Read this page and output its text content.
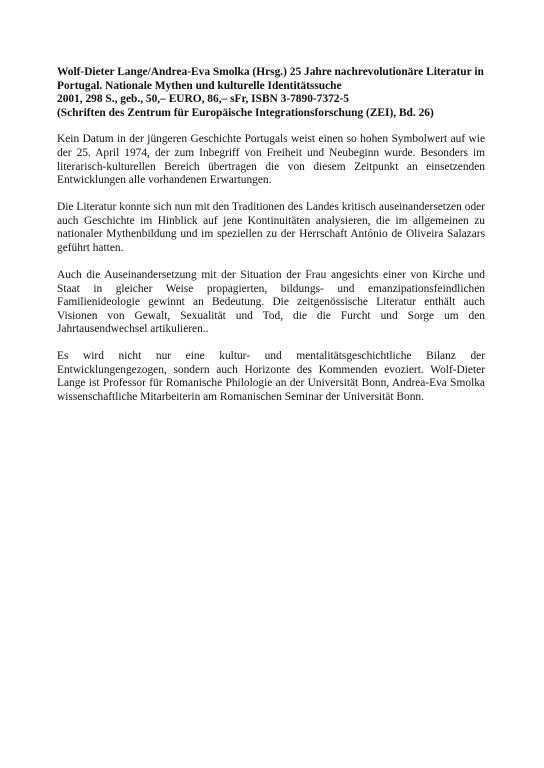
Wolf-Dieter Lange/Andrea-Eva Smolka (Hrsg.) 25 Jahre nachrevolutionäre Literatur in
Portugal. Nationale Mythen und kulturelle Identitätssuche
2001, 298 S., geb., 50,– EURO, 86,– sFr, ISBN 3-7890-7372-5
(Schriften des Zentrum für Europäische Integrationsforschung (ZEI), Bd. 26)

Kein Datum in der jüngeren Geschichte Portugals weist einen so hohen Symbolwert auf wie der 25. April 1974, der zum Inbegriff von Freiheit und Neubeginn wurde. Besonders im literarisch-kulturellen Bereich übertragen die von diesem Zeitpunkt an einsetzenden Entwicklungen alle vorhandenen Erwartungen.

Die Literatur konnte sich nun mit den Traditionen des Landes kritisch auseinandersetzen oder auch Geschichte im Hinblick auf jene Kontinuitäten analysieren, die im allgemeinen zu nationaler Mythenbildung und im speziellen zu der Herrschaft António de Oliveira Salazars geführt hatten.

Auch die Auseinandersetzung mit der Situation der Frau angesichts einer von Kirche und Staat in gleicher Weise propagierten, bildungs- und emanzipationsfeindlichen Familienideologie gewinnt an Bedeutung. Die zeitgenössische Literatur enthält auch Visionen von Gewalt, Sexualität und Tod, die die Furcht und Sorge um den Jahrtausendwechsel artikulieren..

Es wird nicht nur eine kultur- und mentalitätsgeschichtliche Bilanz der Entwicklungengezogen, sondern auch Horizonte des Kommenden evoziert. Wolf-Dieter Lange ist Professor für Romanische Philologie an der Universität Bonn, Andrea-Eva Smolka wissenschaftliche Mitarbeiterin am Romanischen Seminar der Universität Bonn.
